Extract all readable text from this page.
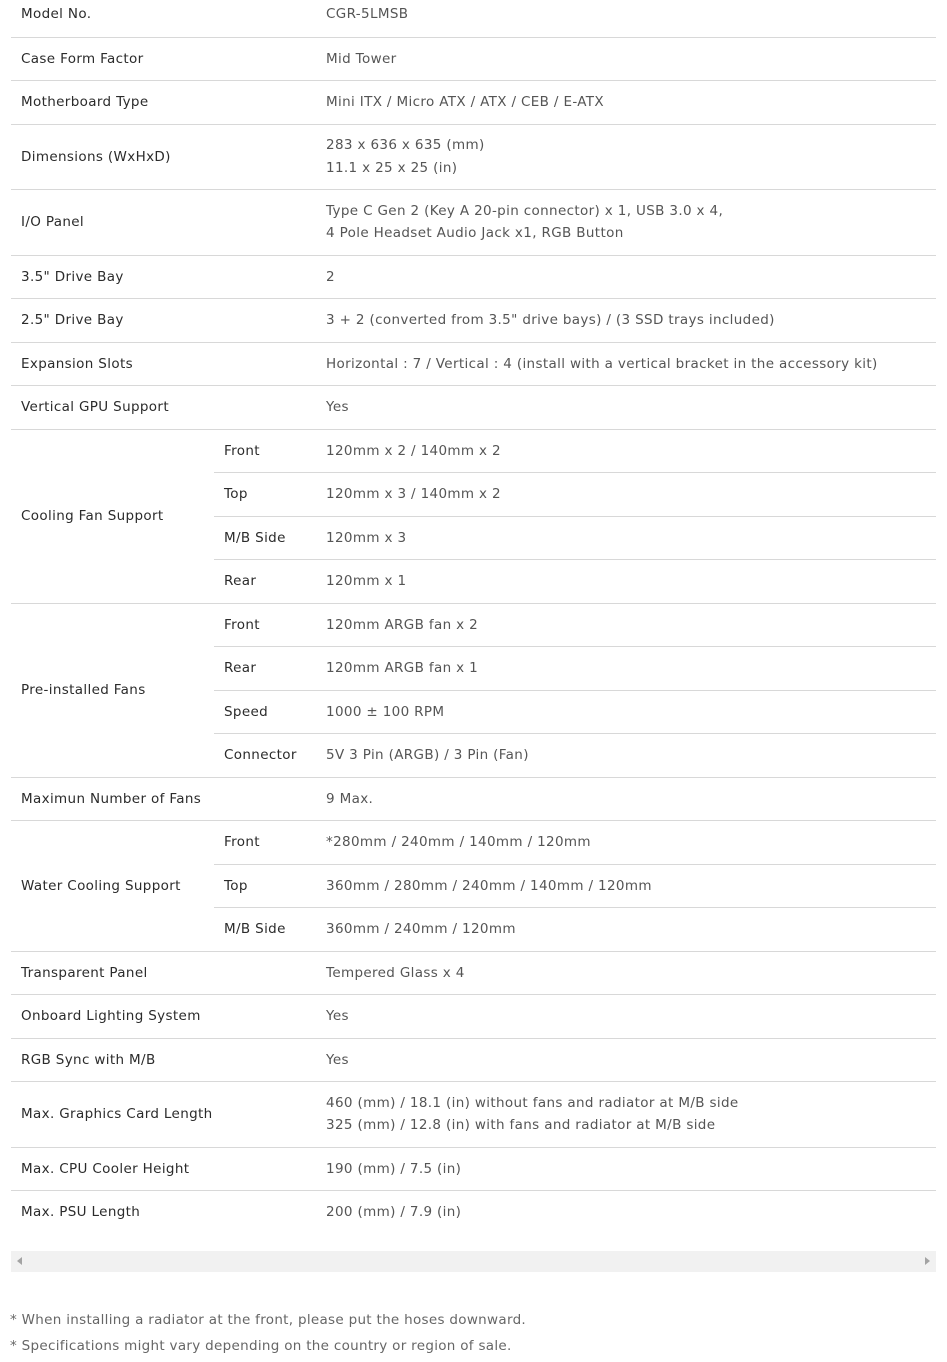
Model No.		CGR-5LMSB

Case Form Factor		Mid Tower

Motherboard Type		Mini ITX / Micro ATX / ATX / CEB / E-ATX

Dimensions (WxHxD)		283 x 636 x 635 (mm)
11.1 x 25 x 25 (in)

I/O Panel		Type C Gen 2 (Key A 20-pin connector) x 1, USB 3.0 x 4,
4 Pole Headset Audio Jack x1, RGB Button

3.5" Drive Bay		2

2.5" Drive Bay		3 + 2 (converted from 3.5" drive bays) / (3 SSD trays included)

Expansion Slots		Horizontal : 7 / Vertical : 4 (install with a vertical bracket in the accessory kit)

Vertical GPU Support		Yes

Cooling Fan Support	Front	120mm x 2 / 140mm x 2
	Top	120mm x 3 / 140mm x 2
	M/B Side	120mm x 3
	Rear	120mm x 1
Pre-installed Fans	Front	120mm ARGB fan x 2
	Rear	120mm ARGB fan x 1
	Speed	1000 ± 100 RPM
	Connector	5V 3 Pin (ARGB) / 3 Pin (Fan)
Maximun Number of Fans		9 Max.

Water Cooling Support	Front	*280mm / 240mm / 140mm / 120mm
	Top	360mm / 280mm / 240mm / 140mm / 120mm
	M/B Side	360mm / 240mm / 120mm
Transparent Panel		Tempered Glass x 4

Onboard Lighting System		Yes

RGB Sync with M/B		Yes

Max. Graphics Card Length		460 (mm) / 18.1 (in) without fans and radiator at M/B side
325 (mm) / 12.8 (in) with fans and radiator at M/B side

Max. CPU Cooler Height		190 (mm) / 7.5 (in)

Max. PSU Length		200 (mm) / 7.9 (in)

* When installing a radiator at the front, please put the hoses downward.

* Specifications might vary depending on the country or region of sale.
